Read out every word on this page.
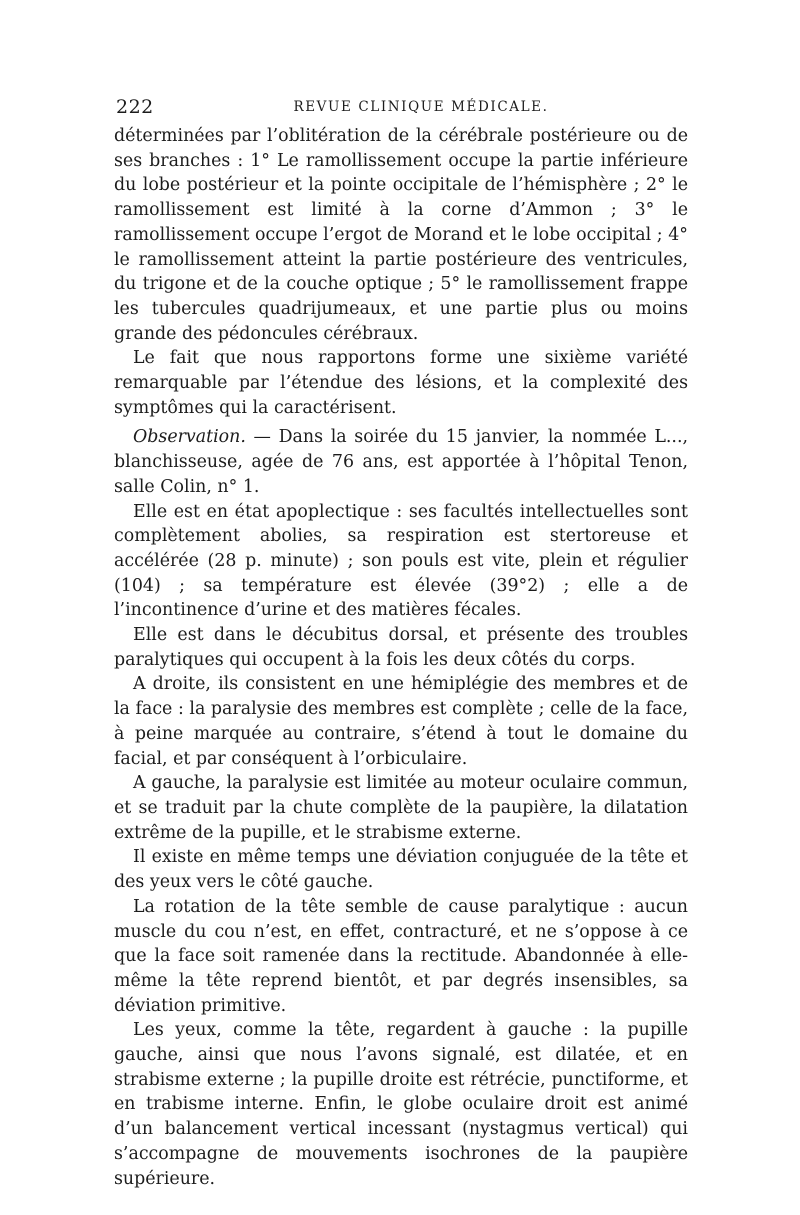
222	REVUE CLINIQUE MÉDICALE.

déterminées par l’oblitération de la cérébrale postérieure ou de ses branches : 1° Le ramollissement occupe la partie inférieure du lobe postérieur et la pointe occipitale de l’hémisphère ; 2° le ramollissement est limité à la corne d’Ammon ; 3° le ramollissement occupe l’ergot de Morand et le lobe occipital ; 4° le ramollissement atteint la partie postérieure des ventricules, du trigone et de la couche optique ; 5° le ramollissement frappe les tubercules quadrijumeaux, et une partie plus ou moins grande des pédoncules cérébraux.

Le fait que nous rapportons forme une sixième variété remarquable par l’étendue des lésions, et la complexité des symptômes qui la caractérisent.

Observation. — Dans la soirée du 15 janvier, la nommée L..., blanchisseuse, agée de 76 ans, est apportée à l’hôpital Tenon, salle Colin, n° 1.

Elle est en état apoplectique : ses facultés intellectuelles sont complètement abolies, sa respiration est stertoreuse et accélérée (28 p. minute) ; son pouls est vite, plein et régulier (104) ; sa température est élevée (39°2) ; elle a de l’incontinence d’urine et des matières fécales.

Elle est dans le décubitus dorsal, et présente des troubles paralytiques qui occupent à la fois les deux côtés du corps.

A droite, ils consistent en une hémiplégie des membres et de la face : la paralysie des membres est complète ; celle de la face, à peine marquée au contraire, s’étend à tout le domaine du facial, et par conséquent à l’orbiculaire.

A gauche, la paralysie est limitée au moteur oculaire commun, et se traduit par la chute complète de la paupière, la dilatation extrême de la pupille, et le strabisme externe.

Il existe en même temps une déviation conjuguée de la tête et des yeux vers le côté gauche.

La rotation de la tête semble de cause paralytique : aucun muscle du cou n’est, en effet, contracturé, et ne s’oppose à ce que la face soit ramenée dans la rectitude. Abandonnée à elle-même la tête reprend bientôt, et par degrés insensibles, sa déviation primitive.

Les yeux, comme la tête, regardent à gauche : la pupille gauche, ainsi que nous l’avons signalé, est dilatée, et en strabisme externe ; la pupille droite est rétrécie, punctiforme, et en trabisme interne. Enfin, le globe oculaire droit est animé d’un balancement vertical incessant (nystagmus vertical) qui s’accompagne de mouvements isochrones de la paupière supérieure.
